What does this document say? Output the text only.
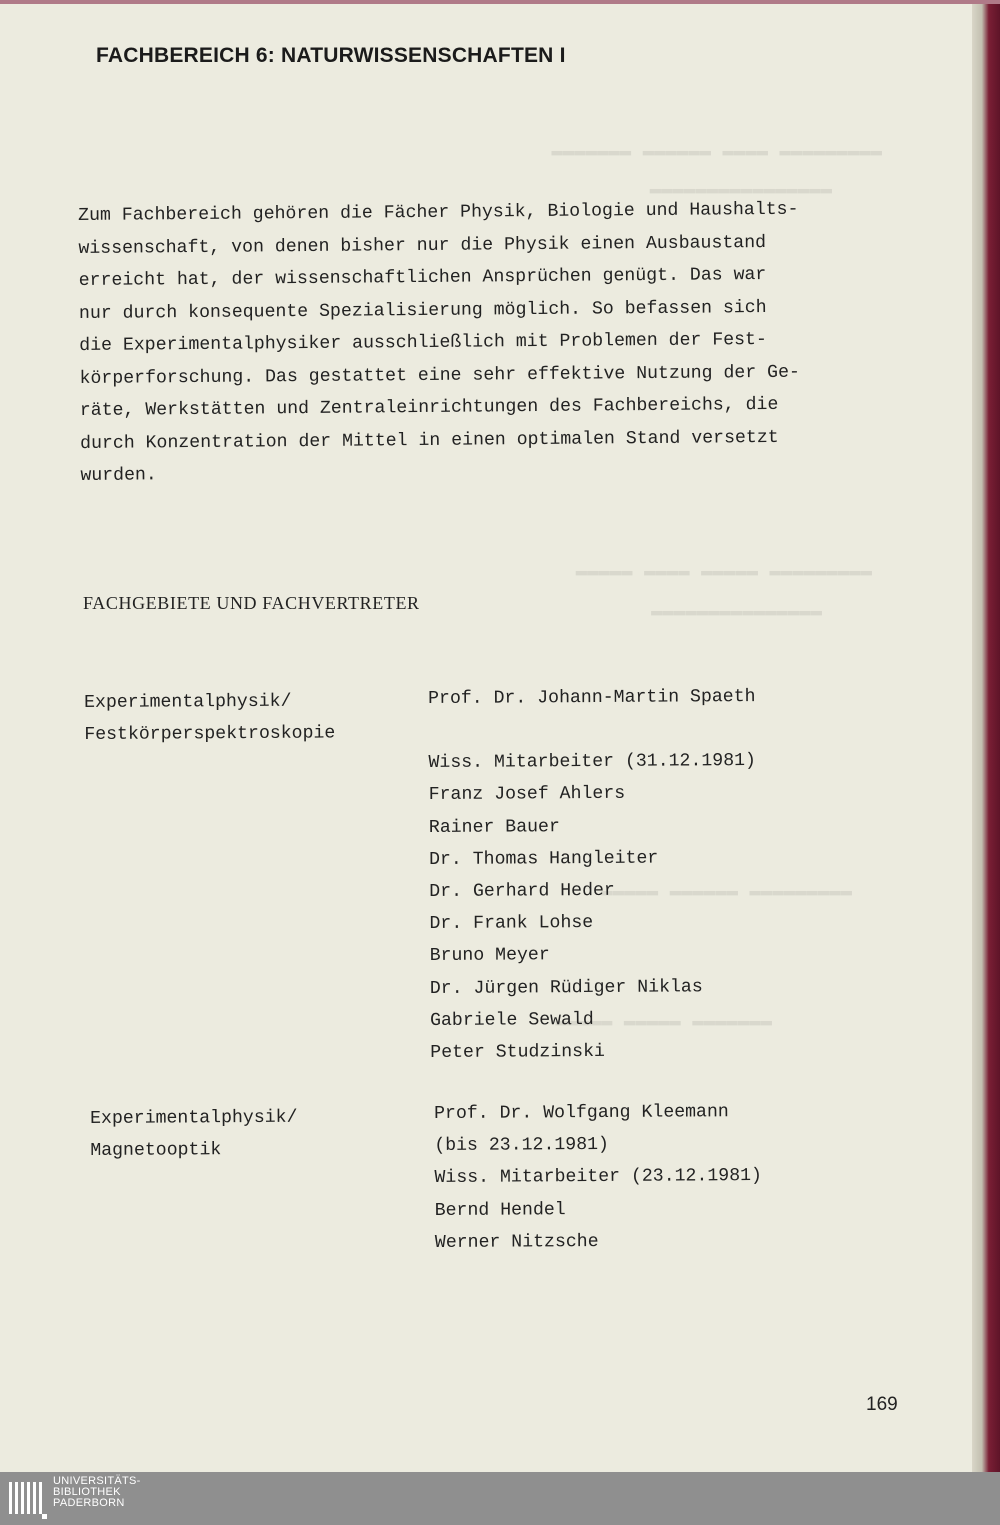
▬▬▬▬▬▬▬▬▬ ▬▬▬▬ ▬▬▬▬▬▬ ▬▬▬▬▬▬▬
▬▬▬▬▬▬▬▬▬▬▬▬▬▬▬▬
▬▬▬▬▬▬▬▬▬ ▬▬▬▬▬ ▬▬▬▬ ▬▬▬▬▬
▬▬▬▬▬▬▬▬▬▬▬▬▬▬▬
▬▬▬▬▬▬▬▬▬ ▬▬▬▬▬▬ ▬▬▬▬▬
▬▬▬▬▬▬▬ ▬▬▬▬▬ ▬▬▬▬▬
FACHBEREICH 6: NATURWISSENSCHAFTEN I
Zum Fachbereich gehören die Fächer Physik, Biologie und Haushalts-
wissenschaft, von denen bisher nur die Physik einen Ausbaustand
erreicht hat, der wissenschaftlichen Ansprüchen genügt. Das war
nur durch konsequente Spezialisierung möglich. So befassen sich
die Experimentalphysiker ausschließlich mit Problemen der Fest-
körperforschung. Das gestattet eine sehr effektive Nutzung der Ge-
räte, Werkstätten und Zentraleinrichtungen des Fachbereichs, die
durch Konzentration der Mittel in einen optimalen Stand versetzt
wurden.
FACHGEBIETE UND FACHVERTRETER
Experimentalphysik/
Festkörperspektroskopie
Prof. Dr. Johann-Martin Spaeth
Wiss. Mitarbeiter (31.12.1981)
Franz Josef Ahlers
Rainer Bauer
Dr. Thomas Hangleiter
Dr. Gerhard Heder
Dr. Frank Lohse
Bruno Meyer
Dr. Jürgen Rüdiger Niklas
Gabriele Sewald
Peter Studzinski
Experimentalphysik/
Magnetooptik
Prof. Dr. Wolfgang Kleemann
(bis 23.12.1981)
Wiss. Mitarbeiter (23.12.1981)
Bernd Hendel
Werner Nitzsche
169
UNIVERSITÄTS-
BIBLIOTHEK
PADERBORN
